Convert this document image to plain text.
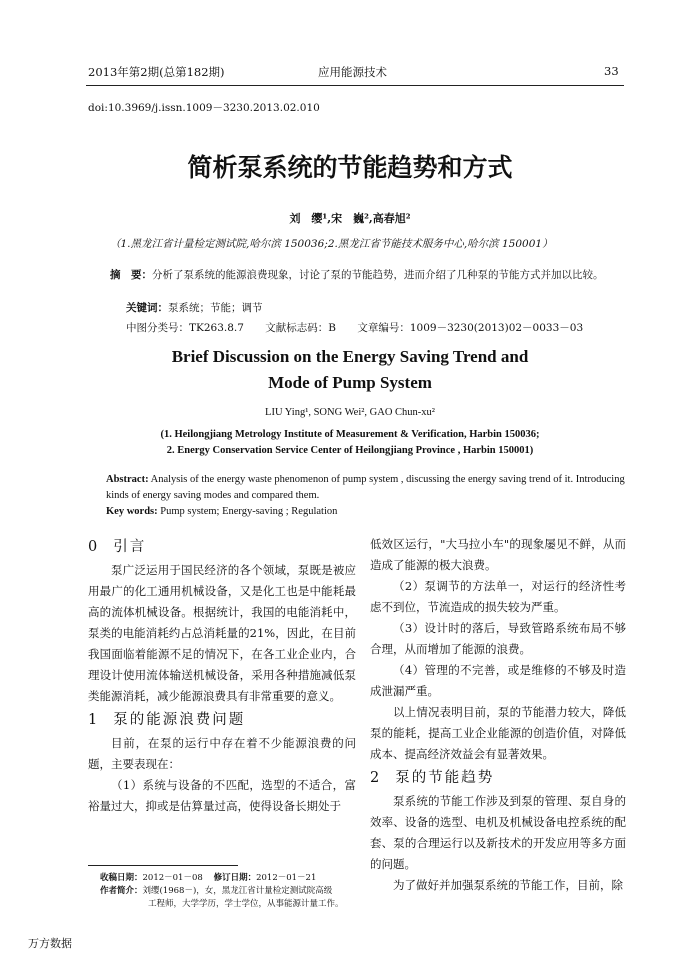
2013年第2期(总第182期)	应用能源技术	33
doi:10.3969/j.issn.1009－3230.2013.02.010
简析泵系统的节能趋势和方式
刘　缨¹,宋　巍²,高春旭²
（1.黑龙江省计量检定测试院,哈尔滨 150036;2.黑龙江省节能技术服务中心,哈尔滨 150001）
摘　要：分析了泵系统的能源浪费现象，讨论了泵的节能趋势，进而介绍了几种泵的节能方式并加以比较。
关键词：泵系统；节能；调节
中图分类号：TK263.8.7 文献标志码：B 文章编号：1009－3230(2013)02－0033－03
Brief Discussion on the Energy Saving Trend and
Mode of Pump System
LIU Ying¹, SONG Wei², GAO Chun-xu²
(1. Heilongjiang Metrology Institute of Measurement & Verification, Harbin 150036;
2. Energy Conservation Service Center of Heilongjiang Province , Harbin 150001)
Abstract: Analysis of the energy waste phenomenon of pump system , discussing the energy saving trend of it. Introducing kinds of energy saving modes and compared them.
Key words: Pump system; Energy-saving ; Regulation
0 引言

泵广泛运用于国民经济的各个领域，泵既是被应用最广的化工通用机械设备，又是化工也是中能耗最高的流体机械设备。根据统计，我国的电能消耗中，泵类的电能消耗约占总消耗量的21%，因此，在目前我国面临着能源不足的情况下，在各工业企业内，合理设计使用流体输送机械设备，采用各种措施减低泵类能源消耗，减少能源浪费具有非常重要的意义。

1 泵的能源浪费问题

目前，在泵的运行中存在着不少能源浪费的问题，主要表现在：

（1）系统与设备的不匹配，选型的不适合，富裕量过大，抑或是估算量过高，使得设备长期处于

低效区运行，"大马拉小车"的现象屡见不鲜，从而造成了能源的极大浪费。

（2）泵调节的方法单一，对运行的经济性考虑不到位，节流造成的损失较为严重。

（3）设计时的落后，导致管路系统布局不够合理，从而增加了能源的浪费。

（4）管理的不完善，或是维修的不够及时造成泄漏严重。

以上情况表明目前，泵的节能潜力较大，降低泵的能耗，提高工业企业能源的创造价值，对降低成本、提高经济效益会有显著效果。

2 泵的节能趋势

泵系统的节能工作涉及到泵的管理、泵自身的效率、设备的选型、电机及机械设备电控系统的配套、泵的合理运行以及新技术的开发应用等多方面的问题。

为了做好并加强泵系统的节能工作，目前，除

收稿日期：2012－01－08 修订日期：2012－01－21
作者简介：刘缨(1968－)，女，黑龙江省计量检定测试院高级
工程师，大学学历，学士学位，从事能源计量工作。
万方数据
